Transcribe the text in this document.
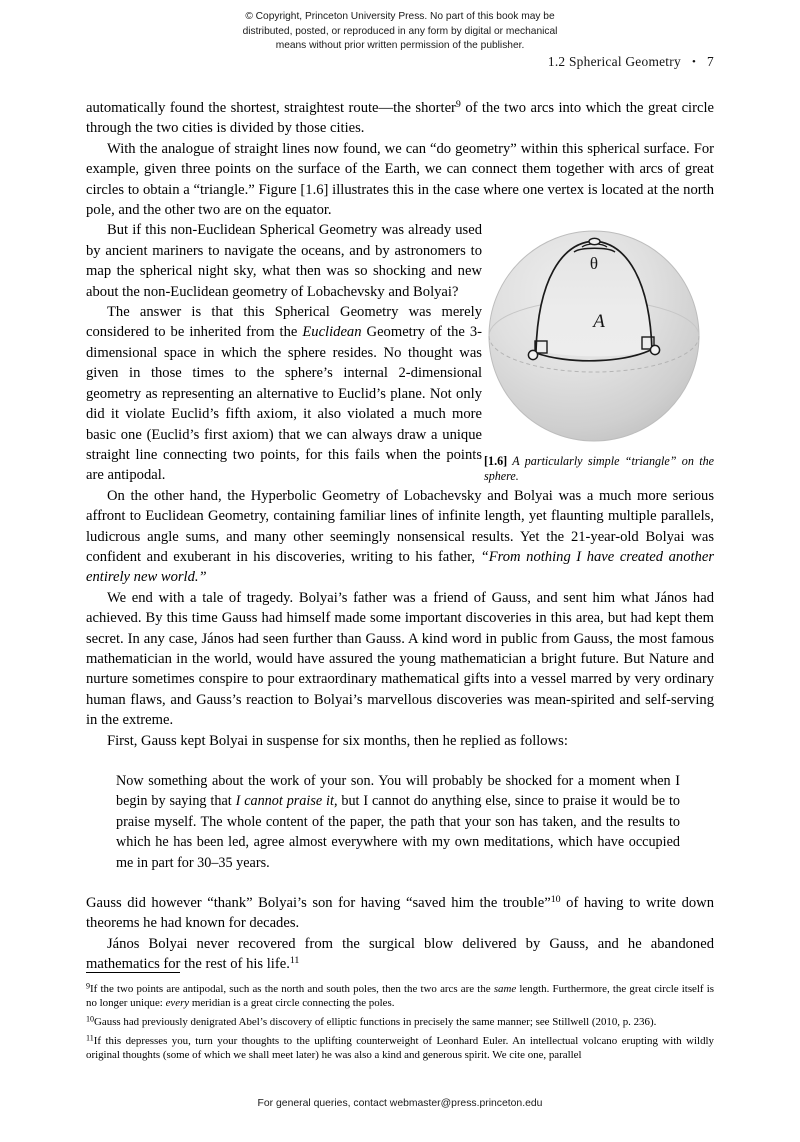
© Copyright, Princeton University Press. No part of this book may be
distributed, posted, or reproduced in any form by digital or mechanical
means without prior written permission of the publisher.
1.2 Spherical Geometry • 7

automatically found the shortest, straightest route—the shorter$^9$ of the two arcs into which the great circle through the two cities is divided by those cities.

With the analogue of straight lines now found, we can “do geometry” within this spherical surface. For example, given three points on the surface of the Earth, we can connect them together with arcs of great circles to obtain a “triangle.” Figure [1.6] illustrates this in the case where one vertex is located at the north pole, and the other two are on the equator.

θ
A
[1.6] A particularly simple “triangle” on the sphere.

But if this non-Euclidean Spherical Geometry was already used by ancient mariners to navigate the oceans, and by astronomers to map the spherical night sky, what then was so shocking and new about the non-Euclidean geometry of Lobachevsky and Bolyai?

The answer is that this Spherical Geometry was merely considered to be inherited from the Euclidean Geometry of the 3-dimensional space in which the sphere resides. No thought was given in those times to the sphere’s internal 2-dimensional geometry as representing an alternative to Euclid’s plane. Not only did it violate Euclid’s fifth axiom, it also violated a much more basic one (Euclid’s first axiom) that we can always draw a unique straight line connecting two points, for this fails when the points are antipodal.

On the other hand, the Hyperbolic Geometry of Lobachevsky and Bolyai was a much more serious affront to Euclidean Geometry, containing familiar lines of infinite length, yet flaunting multiple parallels, ludicrous angle sums, and many other seemingly nonsensical results. Yet the 21-year-old Bolyai was confident and exuberant in his discoveries, writing to his father, “From nothing I have created another entirely new world.”

We end with a tale of tragedy. Bolyai’s father was a friend of Gauss, and sent him what János had achieved. By this time Gauss had himself made some important discoveries in this area, but had kept them secret. In any case, János had seen further than Gauss. A kind word in public from Gauss, the most famous mathematician in the world, would have assured the young mathematician a bright future. But Nature and nurture sometimes conspire to pour extraordinary mathematical gifts into a vessel marred by very ordinary human flaws, and Gauss’s reaction to Bolyai’s marvellous discoveries was mean-spirited and self-serving in the extreme.

First, Gauss kept Bolyai in suspense for six months, then he replied as follows:

Now something about the work of your son. You will probably be shocked for a moment when I begin by saying that I cannot praise it, but I cannot do anything else, since to praise it would be to praise myself. The whole content of the paper, the path that your son has taken, and the results to which he has been led, agree almost everywhere with my own meditations, which have occupied me in part for 30–35 years.

Gauss did however “thank” Bolyai’s son for having “saved him the trouble”$^{10}$ of having to write down theorems he had known for decades.

János Bolyai never recovered from the surgical blow delivered by Gauss, and he abandoned mathematics for the rest of his life.$^{11}$

$^9$If the two points are antipodal, such as the north and south poles, then the two arcs are the same length. Furthermore, the great circle itself is no longer unique: every meridian is a great circle connecting the poles.

$^{10}$Gauss had previously denigrated Abel’s discovery of elliptic functions in precisely the same manner; see Stillwell (2010, p. 236).

$^{11}$If this depresses you, turn your thoughts to the uplifting counterweight of Leonhard Euler. An intellectual volcano erupting with wildly original thoughts (some of which we shall meet later) he was also a kind and generous spirit. We cite one, parallel

For general queries, contact webmaster@press.princeton.edu
